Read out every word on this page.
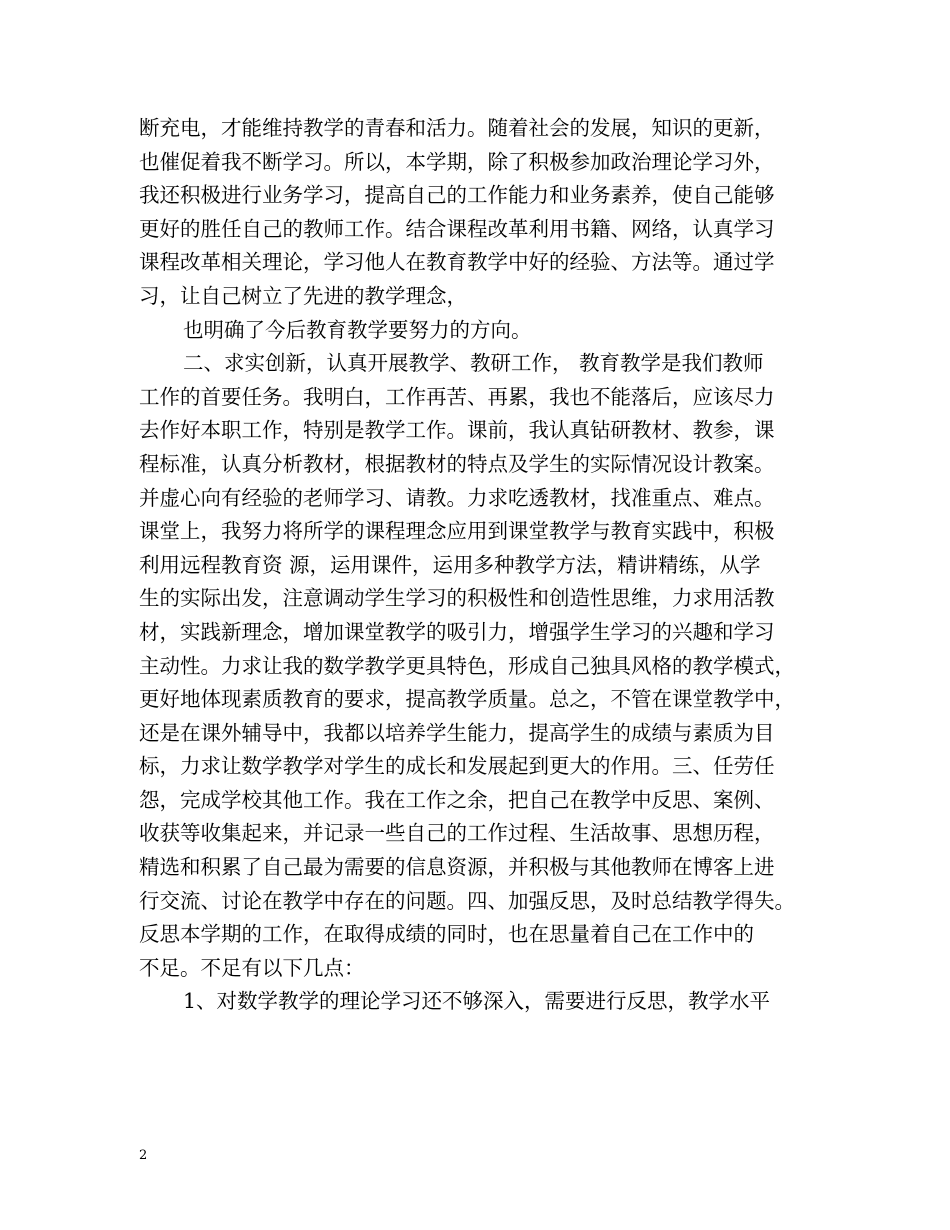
断充电，才能维持教学的青春和活力。随着社会的发展，知识的更新，
也催促着我不断学习。所以，本学期，除了积极参加政治理论学习外，
我还积极进行业务学习，提高自己的工作能力和业务素养，使自己能够
更好的胜任自己的教师工作。结合课程改革利用书籍、网络，认真学习
课程改革相关理论，学习他人在教育教学中好的经验、方法等。通过学
习，让自己树立了先进的教学理念，
也明确了今后教育教学要努力的方向。
二、求实创新，认真开展教学、教研工作， 教育教学是我们教师
工作的首要任务。我明白，工作再苦、再累，我也不能落后，应该尽力
去作好本职工作，特别是教学工作。课前，我认真钻研教材、教参，课
程标准，认真分析教材，根据教材的特点及学生的实际情况设计教案。
并虚心向有经验的老师学习、请教。力求吃透教材，找准重点、难点。
课堂上，我努力将所学的课程理念应用到课堂教学与教育实践中，积极
利用远程教育资 源，运用课件，运用多种教学方法，精讲精练，从学
生的实际出发，注意调动学生学习的积极性和创造性思维，力求用活教
材，实践新理念，增加课堂教学的吸引力，增强学生学习的兴趣和学习
主动性。力求让我的数学教学更具特色，形成自己独具风格的教学模式，
更好地体现素质教育的要求，提高教学质量。总之，不管在课堂教学中，
还是在课外辅导中，我都以培养学生能力，提高学生的成绩与素质为目
标，力求让数学教学对学生的成长和发展起到更大的作用。三、任劳任
怨，完成学校其他工作。我在工作之余，把自己在教学中反思、案例、
收获等收集起来，并记录一些自己的工作过程、生活故事、思想历程，
精选和积累了自己最为需要的信息资源，并积极与其他教师在博客上进
行交流、讨论在教学中存在的问题。四、加强反思，及时总结教学得失。
反思本学期的工作，在取得成绩的同时，也在思量着自己在工作中的
不足。不足有以下几点：
1、对数学教学的理论学习还不够深入，需要进行反思，教学水平
2
